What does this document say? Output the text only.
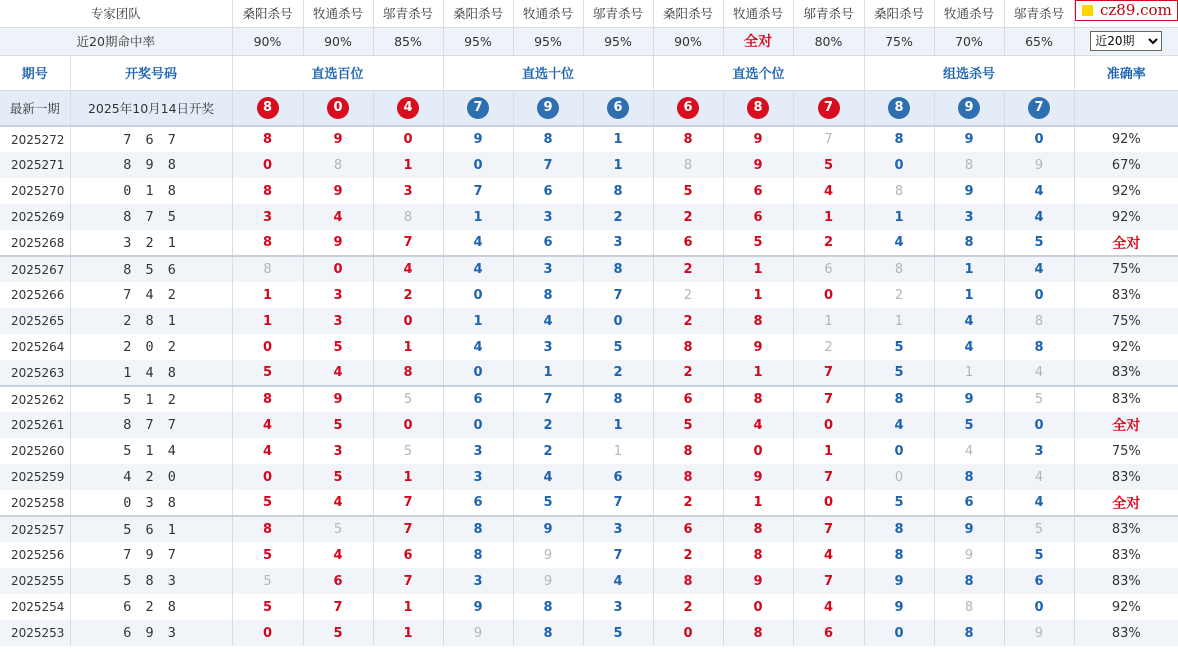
专家团队		桑阳杀号	牧通杀号	邬青杀号	桑阳杀号	牧通杀号	邬青杀号	桑阳杀号	牧通杀号	邬青杀号	桑阳杀号	牧通杀号	邬青杀号	
近20期命中率		90%	90%	85%	95%	95%	95%	90%	全对	80%	75%	70%	65%	
近20期
期号	开奖号码	直选百位			直选十位			直选个位			组选杀号			准确率
最新一期	2025年10月14日开奖	8	0	4	7	9	6	6	8	7	8	9	7	
2025272	7 6 7	8	9	0	9	8	1	8	9	7	8	9	0	92%
2025271	8 9 8	0	8	1	0	7	1	8	9	5	0	8	9	67%
2025270	0 1 8	8	9	3	7	6	8	5	6	4	8	9	4	92%
2025269	8 7 5	3	4	8	1	3	2	2	6	1	1	3	4	92%
2025268	3 2 1	8	9	7	4	6	3	6	5	2	4	8	5	全对
2025267	8 5 6	8	0	4	4	3	8	2	1	6	8	1	4	75%
2025266	7 4 2	1	3	2	0	8	7	2	1	0	2	1	0	83%
2025265	2 8 1	1	3	0	1	4	0	2	8	1	1	4	8	75%
2025264	2 0 2	0	5	1	4	3	5	8	9	2	5	4	8	92%
2025263	1 4 8	5	4	8	0	1	2	2	1	7	5	1	4	83%
2025262	5 1 2	8	9	5	6	7	8	6	8	7	8	9	5	83%
2025261	8 7 7	4	5	0	0	2	1	5	4	0	4	5	0	全对
2025260	5 1 4	4	3	5	3	2	1	8	0	1	0	4	3	75%
2025259	4 2 0	0	5	1	3	4	6	8	9	7	0	8	4	83%
2025258	0 3 8	5	4	7	6	5	7	2	1	0	5	6	4	全对
2025257	5 6 1	8	5	7	8	9	3	6	8	7	8	9	5	83%
2025256	7 9 7	5	4	6	8	9	7	2	8	4	8	9	5	83%
2025255	5 8 3	5	6	7	3	9	4	8	9	7	9	8	6	83%
2025254	6 2 8	5	7	1	9	8	3	2	0	4	9	8	0	92%
2025253	6 9 3	0	5	1	9	8	5	0	8	6	0	8	9	83%
cz89.com
